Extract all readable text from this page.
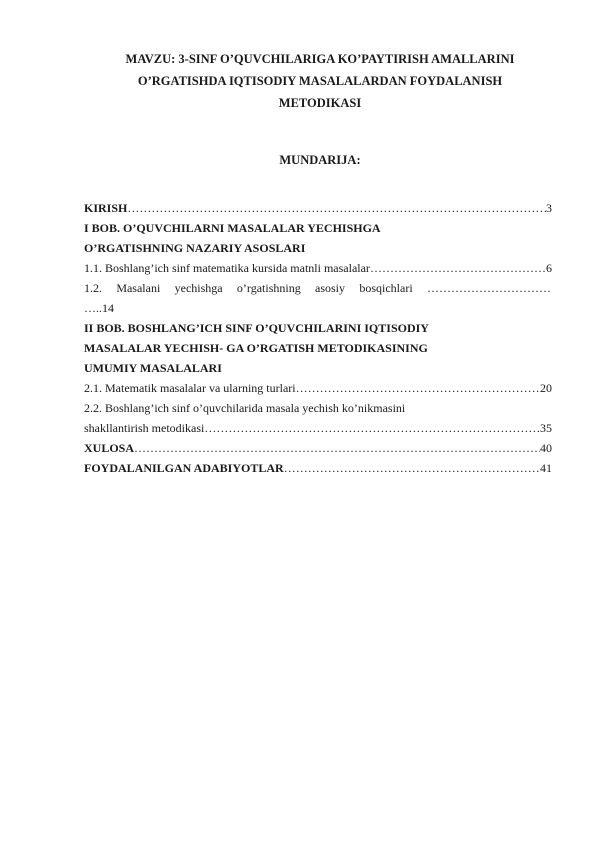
MAVZU: 3-SINF O’QUVCHILARIGA KO’PAYTIRISH AMALLARINI
O’RGATISHDA IQTISODIY MASALALARDAN FOYDALANISH
METODIKASI
MUNDARIJA:
KIRISH …………………………………………………………………………………………………………………………………………	3
I BOB. O’QUVCHILARNI MASALALAR YECHISHGA
O’RGATISHNING NAZARIY ASOSLARI
1.1. Boshlang’ich sinf matematika kursida matnli masalalar …………………………………………………………………………………………………………………………………………	6
1.2. Masalani yechishga o’rgatishning asosiy bosqichlari
……………………………………………………………………
…..14
II BOB. BOSHLANG’ICH SINF O’QUVCHILARINI IQTISODIY
MASALALAR YECHISH- GA O’RGATISH METODIKASINING
UMUMIY MASALALARI
2.1. Matematik masalalar va ularning turlari …………………………………………………………………………………………………………………………………………	20
2.2. Boshlang’ich sinf o’quvchilarida masala yechish ko’nikmasini
shakllantirish metodikasi …………………………………………………………………………………………………………………………………………	35
XULOSA …………………………………………………………………………………………………………………………………………	40
FOYDALANILGAN ADABIYOTLAR …………………………………………………………………………………………………………………………………………	41
